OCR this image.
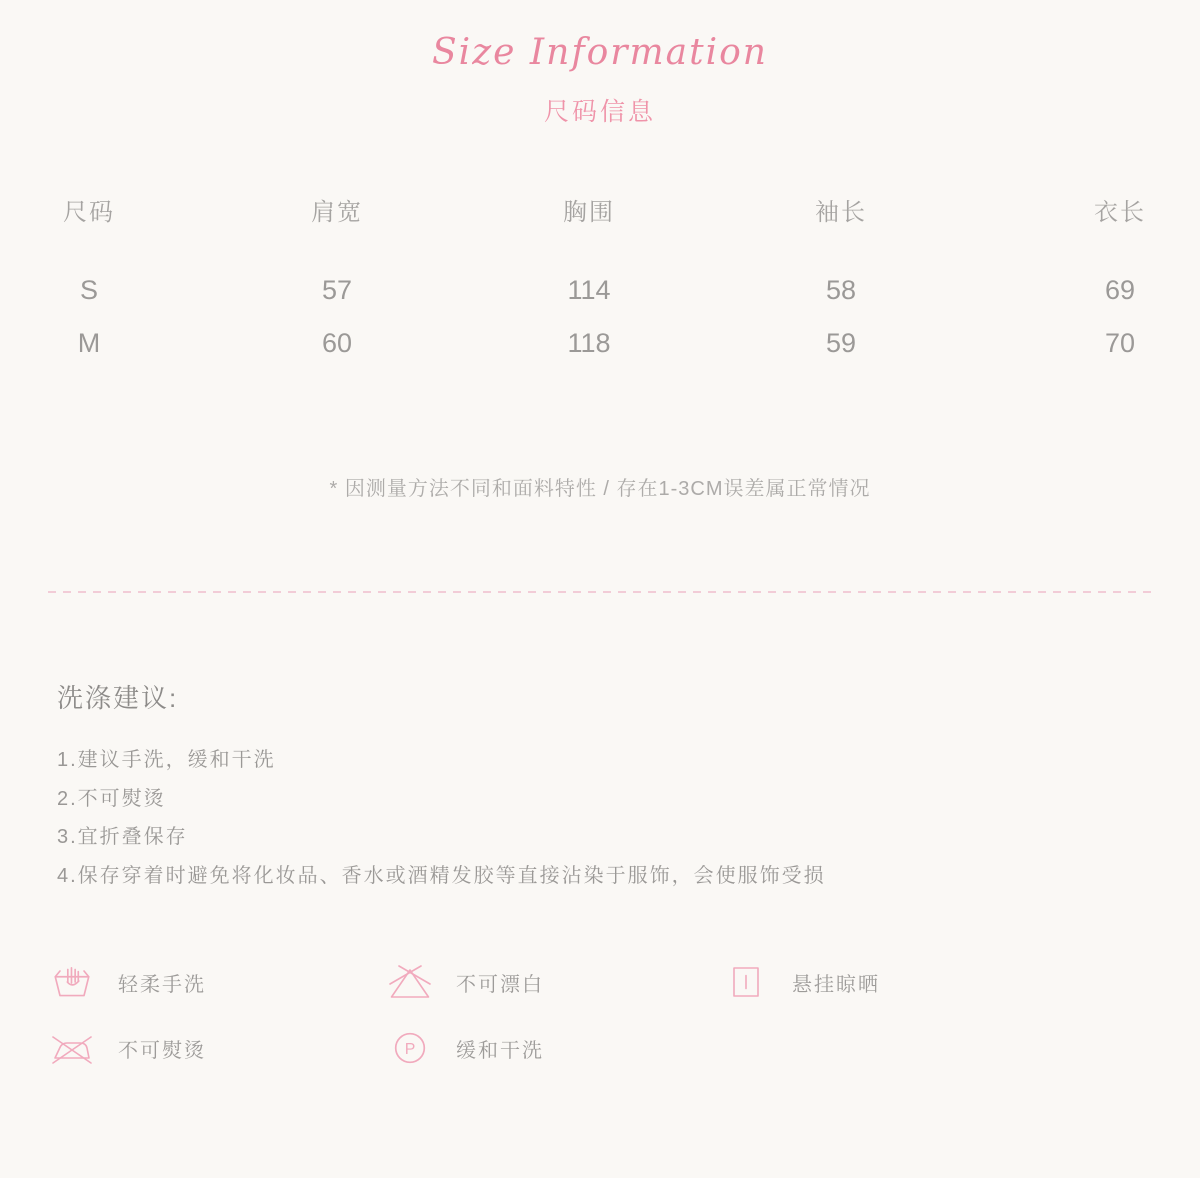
Size Information
尺码信息
尺码	肩宽	胸围	袖长	衣长
S	57	114	58	69
M	60	118	59	70
* 因测量方法不同和面料特性 / 存在1-3CM误差属正常情况
洗涤建议:
1.建议手洗，缓和干洗
2.不可熨烫
3.宜折叠保存
4.保存穿着时避免将化妆品、香水或酒精发胶等直接沾染于服饰，会使服饰受损
轻柔手洗	不可漂白	悬挂晾晒
不可熨烫	P 缓和干洗
